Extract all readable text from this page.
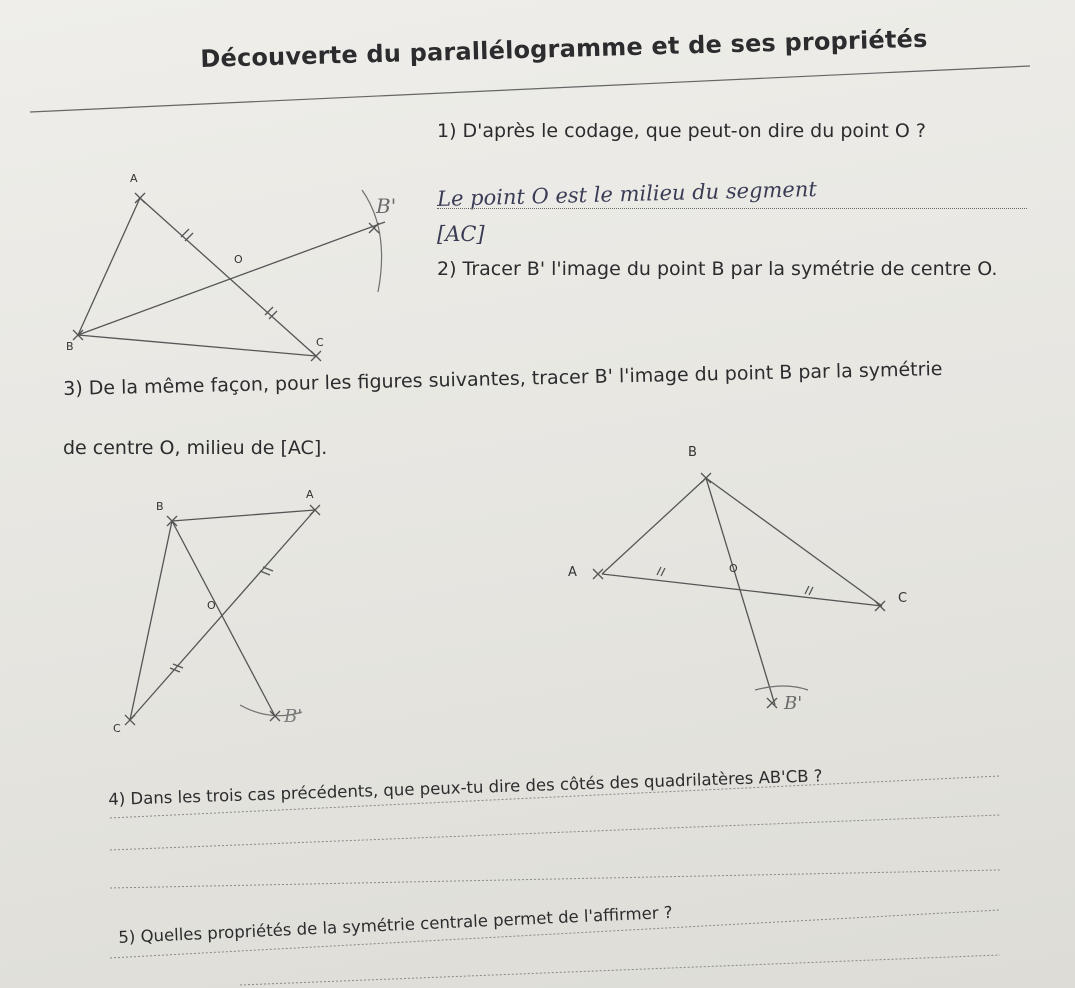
Découverte du parallélogramme et de ses propriétés
1) D'après le codage, que peut-on dire du point O ?
Le point O est le milieu du segment
[AC]
2) Tracer B' l'image du point B par la symétrie de centre O.
A
B	C
O
B'
3) De la même façon, pour les figures suivantes, tracer B' l'image du point B par la symétrie
de centre O, milieu de [AC].
B
A
C
O
B'
B
A
C
O
B'
4) Dans les trois cas précédents, que peux-tu dire des côtés des quadrilatères AB'CB ?
5) Quelles propriétés de la symétrie centrale permet de l'affirmer ?
